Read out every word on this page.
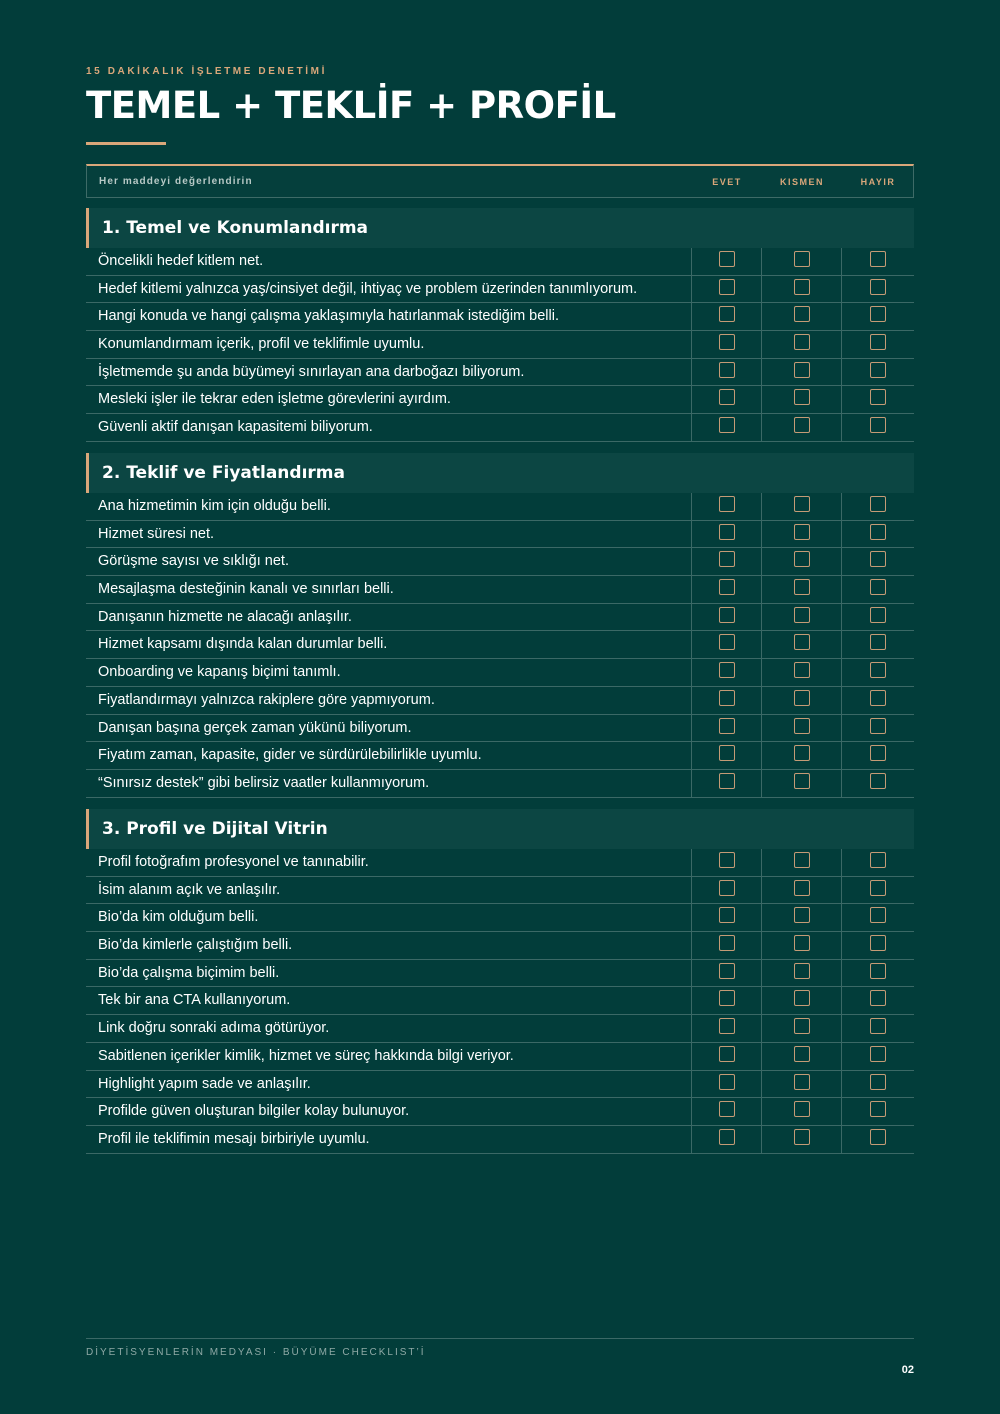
15 DAKİKALIK İŞLETME DENETİMİ
TEMEL + TEKLİF + PROFİL
Her maddeyi değerlendirin	EVET	KISMEN	HAYIR
1. Temel ve Konumlandırma
Öncelikli hedef kitlem net.
Hedef kitlemi yalnızca yaş/cinsiyet değil, ihtiyaç ve problem üzerinden tanımlıyorum.
Hangi konuda ve hangi çalışma yaklaşımıyla hatırlanmak istediğim belli.
Konumlandırmam içerik, profil ve teklifimle uyumlu.
İşletmemde şu anda büyümeyi sınırlayan ana darboğazı biliyorum.
Mesleki işler ile tekrar eden işletme görevlerini ayırdım.
Güvenli aktif danışan kapasitemi biliyorum.
2. Teklif ve Fiyatlandırma
Ana hizmetimin kim için olduğu belli.
Hizmet süresi net.
Görüşme sayısı ve sıklığı net.
Mesajlaşma desteğinin kanalı ve sınırları belli.
Danışanın hizmette ne alacağı anlaşılır.
Hizmet kapsamı dışında kalan durumlar belli.
Onboarding ve kapanış biçimi tanımlı.
Fiyatlandırmayı yalnızca rakiplere göre yapmıyorum.
Danışan başına gerçek zaman yükünü biliyorum.
Fiyatım zaman, kapasite, gider ve sürdürülebilirlikle uyumlu.
“Sınırsız destek” gibi belirsiz vaatler kullanmıyorum.
3. Profil ve Dijital Vitrin
Profil fotoğrafım profesyonel ve tanınabilir.
İsim alanım açık ve anlaşılır.
Bio’da kim olduğum belli.
Bio’da kimlerle çalıştığım belli.
Bio’da çalışma biçimim belli.
Tek bir ana CTA kullanıyorum.
Link doğru sonraki adıma götürüyor.
Sabitlenen içerikler kimlik, hizmet ve süreç hakkında bilgi veriyor.
Highlight yapım sade ve anlaşılır.
Profilde güven oluşturan bilgiler kolay bulunuyor.
Profil ile teklifimin mesajı birbiriyle uyumlu.
DİYETİSYENLERİN MEDYASI · BÜYÜME CHECKLIST’İ
02
